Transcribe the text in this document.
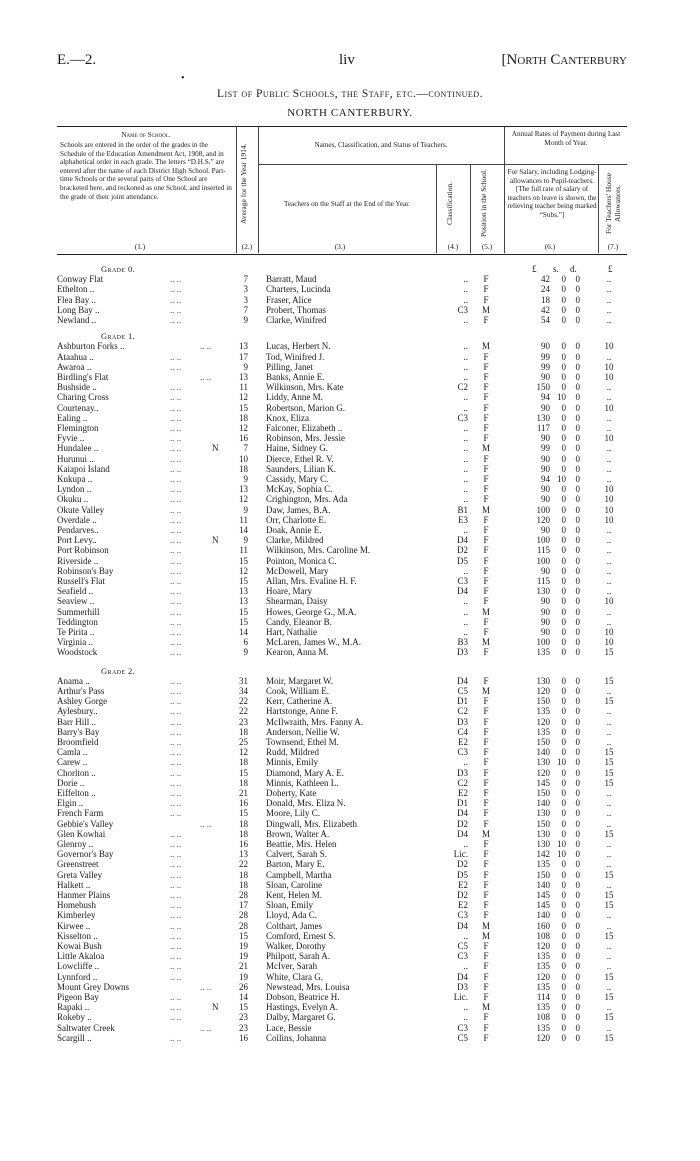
E.—2.	liv	[North Canterbury
•
List of Public Schools, the Staff, etc.—continued.
NORTH CANTERBURY.
Name of School.
Schools are entered in the order of the grades in the Schedule of the Education Amendment Act, 1908, and in alphabetical order in each grade. The letters “D.H.S.” are entered after the name of each District High School. Part-time Schools or the several parts of One School are bracketed here, and reckoned as one School, and inserted in the grade of their joint attendance.	Average for the Year 1914.	Names, Classification, and Status of Teachers.
Teachers on the Staff at the End of the Year.	Classification.	Position in the School.
Annual Rates of Payment during Last Month of Year.
For Salary, including Lodging-allowances to Pupil-teachers. [The full rate of salary of teachers on leave is shown, the relieving teacher being marked “Subs.”]	For Teachers' House Allowances.
(1.)	(2.)	(3.)	(4.)	(5.)	(6.)	(7.)
£ s. d.	£
Grade 0.
Conway Flat	.. ..	7 Barratt, Maud	..	F	42	0	0	..
Ethelton ..	.. ..	3 Charters, Lucinda	..	F	24	0	0	..
Flea Bay ..	.. ..	3 Fraser, Alice	..	F	18	0	0	..
Long Bay ..	.. ..	7 Probert, Thomas	C3	M	42	0	0	..
Newland ..	.. ..	9 Clarke, Winifred	..	F	54	0	0	..
Grade 1.
Ashburton Forks ..	.. ..	13 Lucas, Herbert N.	..	M	90	0	0	10
Ataahua ..	.. ..	17 Tod, Winifred J.	..	F	99	0	0	..
Awaroa ..	.. ..	9 Pilling, Janet	..	F	99	0	0	10
Birdling's Flat	.. ..	13 Banks, Annie E.	..	F	90	0	0	10
Bushside ..	.. ..	11 Wilkinson, Mrs. Kate	C2	F	150	0	0	..
Charing Cross	.. ..	12 Liddy, Anne M.	..	F	94 10	0	..
Courtenay..	.. ..	15 Robertson, Marion G.	..	F	90	0	0	10
Ealing ..	.. ..	18 Knox, Eliza	C3	F	130	0	0	..
Flemington	.. ..	12 Falconer, Elizabeth ..	..	F	117	0	0	..
Fyvie ..	.. ..	16 Robinson, Mrs. Jessie	..	F	90	0	0	10
Hundalee ..	.. ..	N	7 Haine, Sidney G.	..	M	99	0	0	..
Hurunui ..	.. ..	10 Dierce, Ethel R. V.	..	F	90	0	0	..
Kaiapoi Island	.. ..	18 Saunders, Lilian K.	..	F	90	0	0	..
Kukupa ..	.. ..	9 Cassidy, Mary C.	..	F	94 10	0	..
Lyndon ..	.. ..	13 McKay, Sophia C.	..	F	90	0	0	10
Okuku ..	.. ..	12 Crighington, Mrs. Ada	..	F	90	0	0	10
Okute Valley	.. ..	9 Daw, James, B.A.	B1	M	100	0	0	10
Overdale ..	.. ..	11 Orr, Charlotte E.	E3	F	120	0	0	10
Pendarves..	.. ..	14 Doak, Annie E.	..	F	90	0	0	..
Port Levy..	.. ..	N	9 Clarke, Mildred	D4	F	100	0	0	..
Port Robinson	.. ..	11 Wilkinson, Mrs. Caroline M.	D2	F	115	0	0	..
Riverside ..	.. ..	15 Pointon, Monica C.	D5	F	100	0	0	..
Robinson's Bay	.. ..	12 McDowell, Mary	..	F	90	0	0	..
Russell's Flat	.. ..	15 Allan, Mrs. Evaline H. F.	C3	F	115	0	0	..
Seafield ..	.. ..	13 Hoare, Mary	D4	F	130	0	0	..
Seaview ..	.. ..	13 Shearman, Daisy	..	F	90	0	0	10
Summerhill	.. ..	15 Howes, George G., M.A.	..	M	90	0	0	..
Teddington	.. ..	15 Candy, Eleanor B.	..	F	90	0	0	..
Te Pirita ..	.. ..	14 Hart, Nathalie	..	F	90	0	0	10
Virginia ..	.. ..	6 McLaren, James W., M.A.	B3	M	100	0	0	10
Woodstock	.. ..	9 Kearon, Anna M.	D3	F	135	0	0	15
Grade 2.
Anama ..	.. ..	31 Moir, Margaret W.	D4	F	130	0	0	15
Arthur's Pass	.. ..	34 Cook, William E.	C5	M	120	0	0	..
Ashley Gorge	.. ..	22 Kerr, Catherine A.	D1	F	150	0	0	15
Aylesbury..	.. ..	22 Hartstonge, Anne F.	C2	F	135	0	0	..
Barr Hill ..	.. ..	23 McIlwraith, Mrs. Fanny A.	D3	F	120	0	0	..
Barry's Bay	.. ..	18 Anderson, Nellie W.	C4	F	135	0	0	..
Broomfield	.. ..	25 Townsend, Ethel M.	E2	F	150	0	0	..
Camla ..	.. ..	12 Rudd, Mildred	C3	F	140	0	0	15
Carew ..	.. ..	18 Minnis, Emily	..	F	130 10	0	15
Chorlton ..	.. ..	15 Diamond, Mary A. E.	D3	F	120	0	0	15
Dorie ..	.. ..	18 Minnis, Kathleen L.	C2	F	145	0	0	15
Eiffelton ..	.. ..	21 Doherty, Kate	E2	F	150	0	0	..
Elgin ..	.. ..	16 Donald, Mrs. Eliza N.	D1	F	140	0	0	..
French Farm	.. ..	15 Moore, Lily C.	D4	F	130	0	0	..
Gebbie's Valley	.. ..	18 Dingwall, Mrs. Elizabeth	D2	F	150	0	0	..
Glen Kowhai	.. ..	18 Brown, Walter A.	D4	M	130	0	0	15
Glenroy ..	.. ..	16 Beattie, Mrs. Helen	..	F	130 10	0	..
Governor's Bay	.. ..	13 Calvert, Sarah S.	Lic.	F	142 10	0	..
Greenstreet	.. ..	22 Barton, Mary E.	D2	F	135	0	0	..
Greta Valley	.. ..	18 Campbell, Martha	D5	F	150	0	0	15
Halkett ..	.. ..	18 Sloan, Caroline	E2	F	140	0	0	..
Hanmer Plains	.. ..	28 Kent, Helen M.	D2	F	145	0	0	15
Homebush	.. ..	17 Sloan, Emily	E2	F	145	0	0	15
Kimberley	.. ..	28 Lloyd, Ada C.	C3	F	140	0	0	..
Kirwee ..	.. ..	28 Colthart, James	D4	M	160	0	0	..
Kisselton ..	.. ..	15 Comford, Ernest S.	..	M	108	0	0	15
Kowai Bush	.. ..	19 Walker, Dorothy	C5	F	120	0	0	..
Little Akaloa	.. ..	19 Philpott, Sarah A.	C3	F	135	0	0	..
Lowcliffe ..	.. ..	21 McIver, Sarah	..	F	135	0	0	..
Lynnford ..	.. ..	19 White, Clara G.	D4	F	120	0	0	15
Mount Grey Downs	.. ..	26 Newstead, Mrs. Louisa	D3	F	135	0	0	..
Pigeon Bay	.. ..	14 Dobson, Beatrice H.	Lic.	F	114	0	0	15
Rapaki ..	.. ..	N	15 Hastings, Evelyn A.	..	M	135	0	0	..
Rokeby ..	.. ..	23 Dalby, Margaret G.	..	F	108	0	0	15
Saltwater Creek	.. ..	23 Lace, Bessie	C3	F	135	0	0	..
Scargill ..	.. ..	16 Collins, Johanna	C5	F	120	0	0	15
